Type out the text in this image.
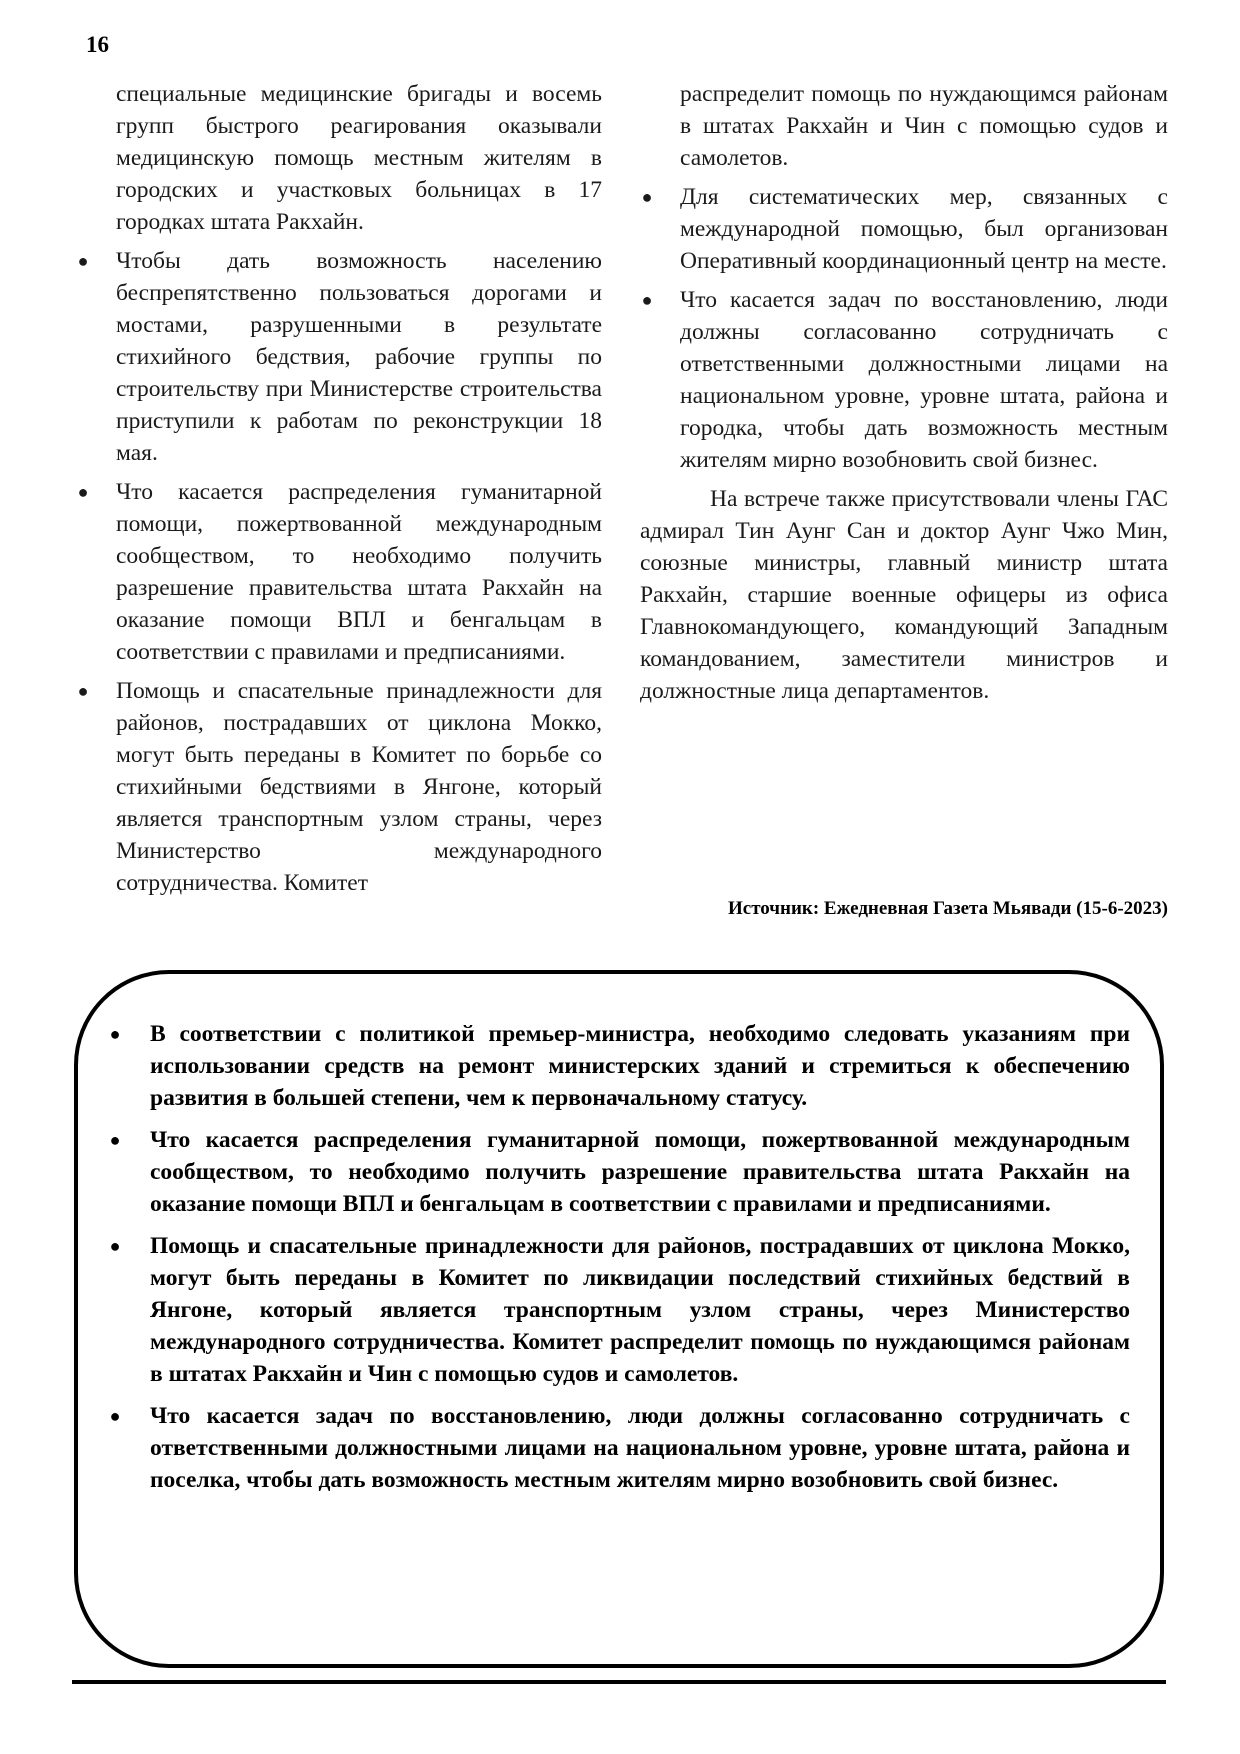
16

специальные медицинские бригады и восемь групп быстрого реагирования оказывали медицинскую помощь местным жителям в городских и участковых больницах в 17 городках штата Ракхайн.

● Чтобы дать возможность населению беспрепятственно пользоваться дорогами и мостами, разрушенными в результате стихийного бедствия, рабочие группы по строительству при Министерстве строительства приступили к работам по реконструкции 18 мая.
● Что касается распределения гуманитарной помощи, пожертвованной международным сообществом, то необходимо получить разрешение правительства штата Ракхайн на оказание помощи ВПЛ и бенгальцам в соответствии с правилами и предписаниями.
● Помощь и спасательные принадлежности для районов, пострадавших от циклона Мокко, могут быть переданы в Комитет по борьбе со стихийными бедствиями в Янгоне, который является транспортным узлом страны, через Министерство международного сотрудничества. Комитет

распределит помощь по нуждающимся районам в штатах Ракхайн и Чин с помощью судов и самолетов.

● Для систематических мер, связанных с международной помощью, был организован Оперативный координационный центр на месте.
● Что касается задач по восстановлению, люди должны согласованно сотрудничать с ответственными должностными лицами на национальном уровне, уровне штата, района и городка, чтобы дать возможность местным жителям мирно возобновить свой бизнес.

На встрече также присутствовали члены ГАС адмирал Тин Аунг Сан и доктор Аунг Чжо Мин, союзные министры, главный министр штата Ракхайн, старшие военные офицеры из офиса Главнокомандующего, командующий Западным командованием, заместители министров и должностные лица департаментов.

Источник: Ежедневная Газета Мьявади (15-6-2023)
● В соответствии с политикой премьер-министра, необходимо следовать указаниям при использовании средств на ремонт министерских зданий и стремиться к обеспечению развития в большей степени, чем к первоначальному статусу.
● Что касается распределения гуманитарной помощи, пожертвованной международным сообществом, то необходимо получить разрешение правительства штата Ракхайн на оказание помощи ВПЛ и бенгальцам в соответствии с правилами и предписаниями.
● Помощь и спасательные принадлежности для районов, пострадавших от циклона Мокко, могут быть переданы в Комитет по ликвидации последствий стихийных бедствий в Янгоне, который является транспортным узлом страны, через Министерство международного сотрудничества. Комитет распределит помощь по нуждающимся районам в штатах Ракхайн и Чин с помощью судов и самолетов.
● Что касается задач по восстановлению, люди должны согласованно сотрудничать с ответственными должностными лицами на национальном уровне, уровне штата, района и поселка, чтобы дать возможность местным жителям мирно возобновить свой бизнес.
